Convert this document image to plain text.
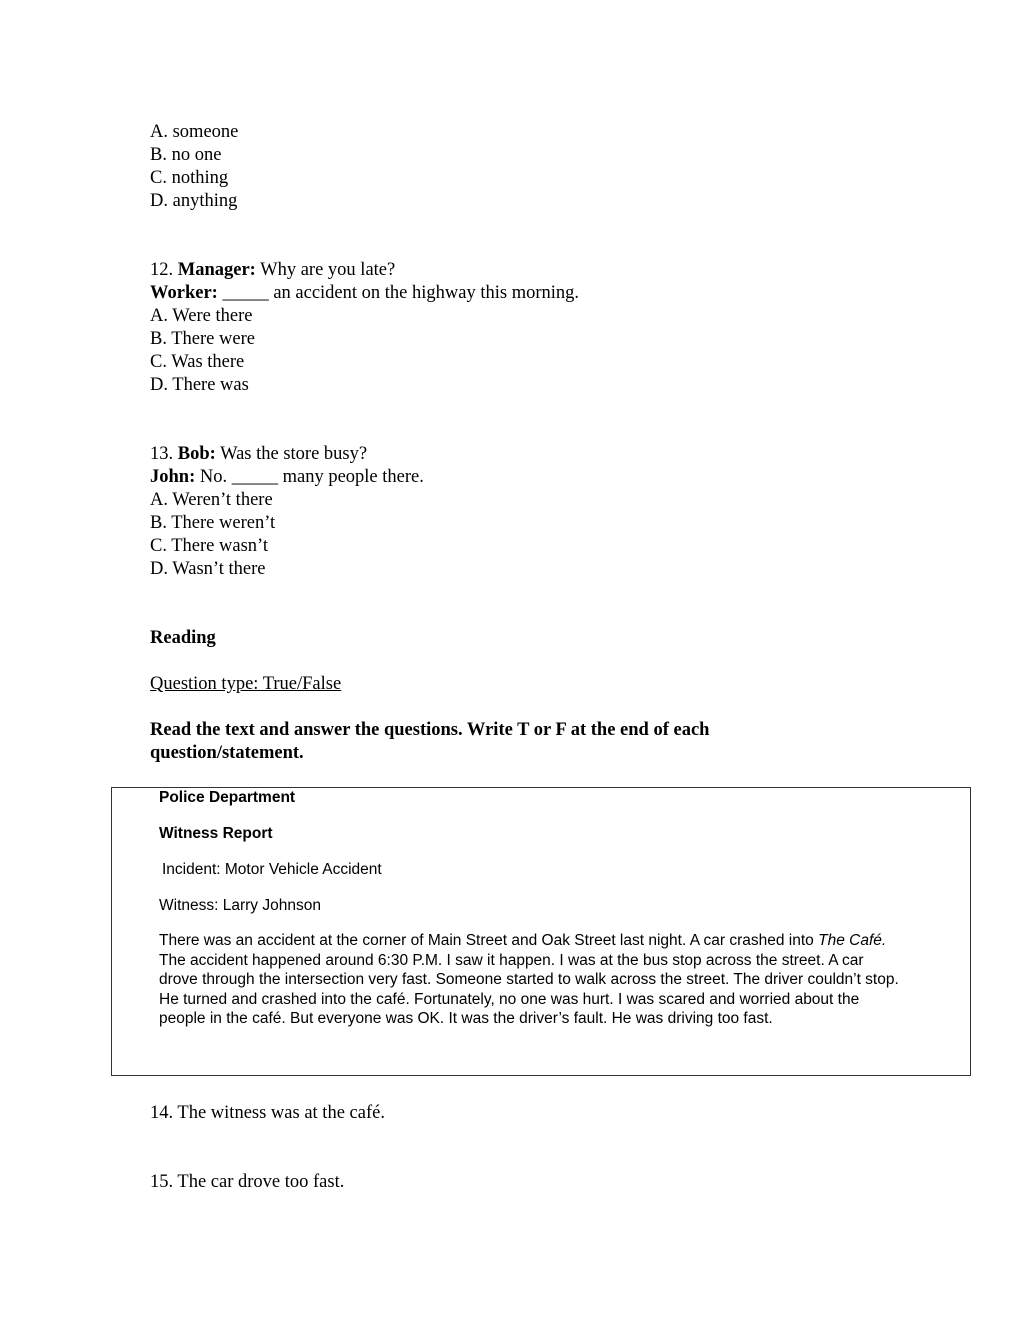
A. someone
B. no one
C. nothing
D. anything
12. Manager: Why are you late?
Worker: _____ an accident on the highway this morning.
A. Were there
B. There were
C. Was there
D. There was
13. Bob: Was the store busy?
John: No. _____ many people there.
A. Weren’t there
B. There weren’t
C. There wasn’t
D. Wasn’t there
Reading
Question type: True/False
Read the text and answer the questions. Write T or F at the end of each
question/statement.
Police Department
Witness Report
Incident: Motor Vehicle Accident
Witness: Larry Johnson
There was an accident at the corner of Main Street and Oak Street last night. A car crashed into The Café.
The accident happened around 6:30 P.M. I saw it happen. I was at the bus stop across the street. A car
drove through the intersection very fast. Someone started to walk across the street. The driver couldn’t stop.
He turned and crashed into the café. Fortunately, no one was hurt. I was scared and worried about the
people in the café. But everyone was OK. It was the driver’s fault. He was driving too fast.
14. The witness was at the café.
15. The car drove too fast.
